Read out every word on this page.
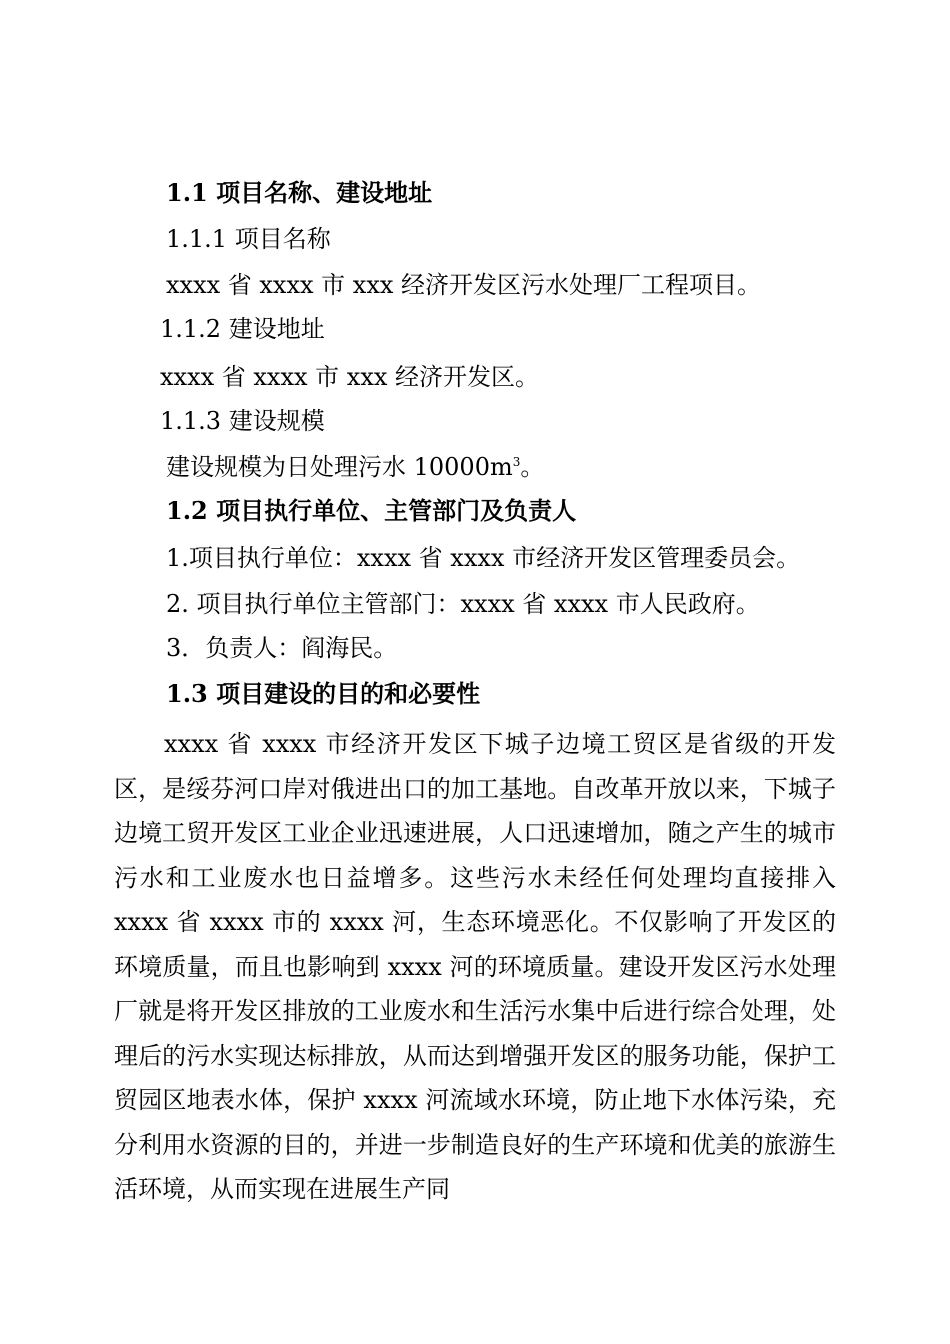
1.1 项目名称、建设地址
1.1.1 项目名称
xxxx 省 xxxx 市 xxx 经济开发区污水处理厂工程项目。
1.1.2 建设地址
xxxx 省 xxxx 市 xxx 经济开发区。
1.1.3 建设规模
建设规模为日处理污水 $10000m^3$。
1.2 项目执行单位、主管部门及负责人
1.项目执行单位：xxxx 省 xxxx 市经济开发区管理委员会。
2. 项目执行单位主管部门：xxxx 省 xxxx 市人民政府。
3．负责人：阎海民。
1.3 项目建设的目的和必要性
xxxx 省 xxxx 市经济开发区下城子边境工贸区是省级的开发区，是绥芬河口岸对俄进出口的加工基地。自改革开放以来，下城子边境工贸开发区工业企业迅速进展，人口迅速增加，随之产生的城市污水和工业废水也日益增多。这些污水未经任何处理均直接排入 xxxx 省 xxxx 市的 xxxx 河，生态环境恶化。不仅影响了开发区的环境质量，而且也影响到 xxxx 河的环境质量。建设开发区污水处理厂就是将开发区排放的工业废水和生活污水集中后进行综合处理，处理后的污水实现达标排放，从而达到增强开发区的服务功能，保护工贸园区地表水体，保护 xxxx 河流域水环境，防止地下水体污染，充分利用水资源的目的，并进一步制造良好的生产环境和优美的旅游生活环境，从而实现在进展生产同
